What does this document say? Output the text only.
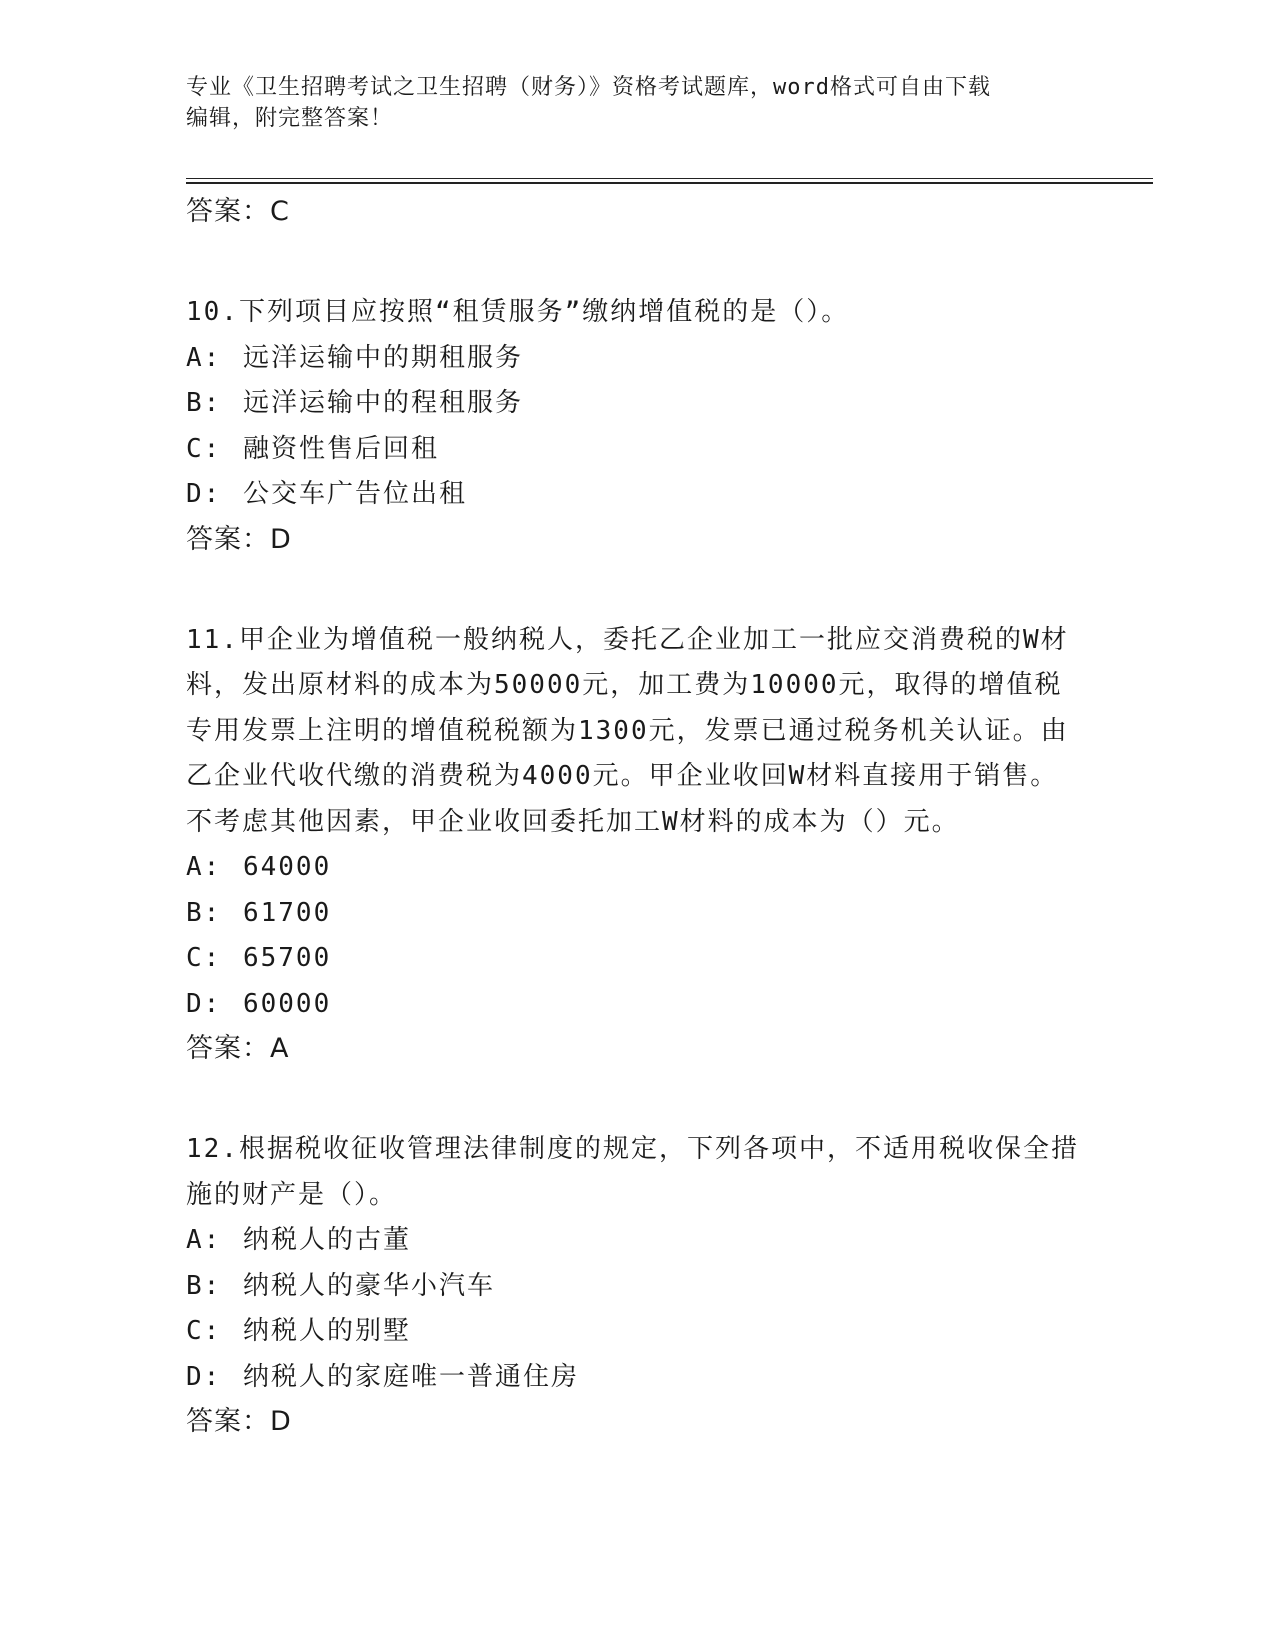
专业《卫生招聘考试之卫生招聘（财务）》资格考试题库，word格式可自由下载
编辑，附完整答案！
答案：C

10.下列项目应按照“租赁服务”缴纳增值税的是（）。

A: 远洋运输中的期租服务
B: 远洋运输中的程租服务
C: 融资性售后回租
D: 公交车广告位出租
答案：D

11.甲企业为增值税一般纳税人，委托乙企业加工一批应交消费税的W材料，发出原材料的成本为50000元，加工费为10000元，取得的增值税专用发票上注明的增值税税额为1300元，发票已通过税务机关认证。由乙企业代收代缴的消费税为4000元。甲企业收回W材料直接用于销售。不考虑其他因素，甲企业收回委托加工W材料的成本为（）元。

A: 64000
B: 61700
C: 65700
D: 60000
答案：A

12.根据税收征收管理法律制度的规定，下列各项中，不适用税收保全措施的财产是（）。

A: 纳税人的古董
B: 纳税人的豪华小汽车
C: 纳税人的别墅
D: 纳税人的家庭唯一普通住房
答案：D
